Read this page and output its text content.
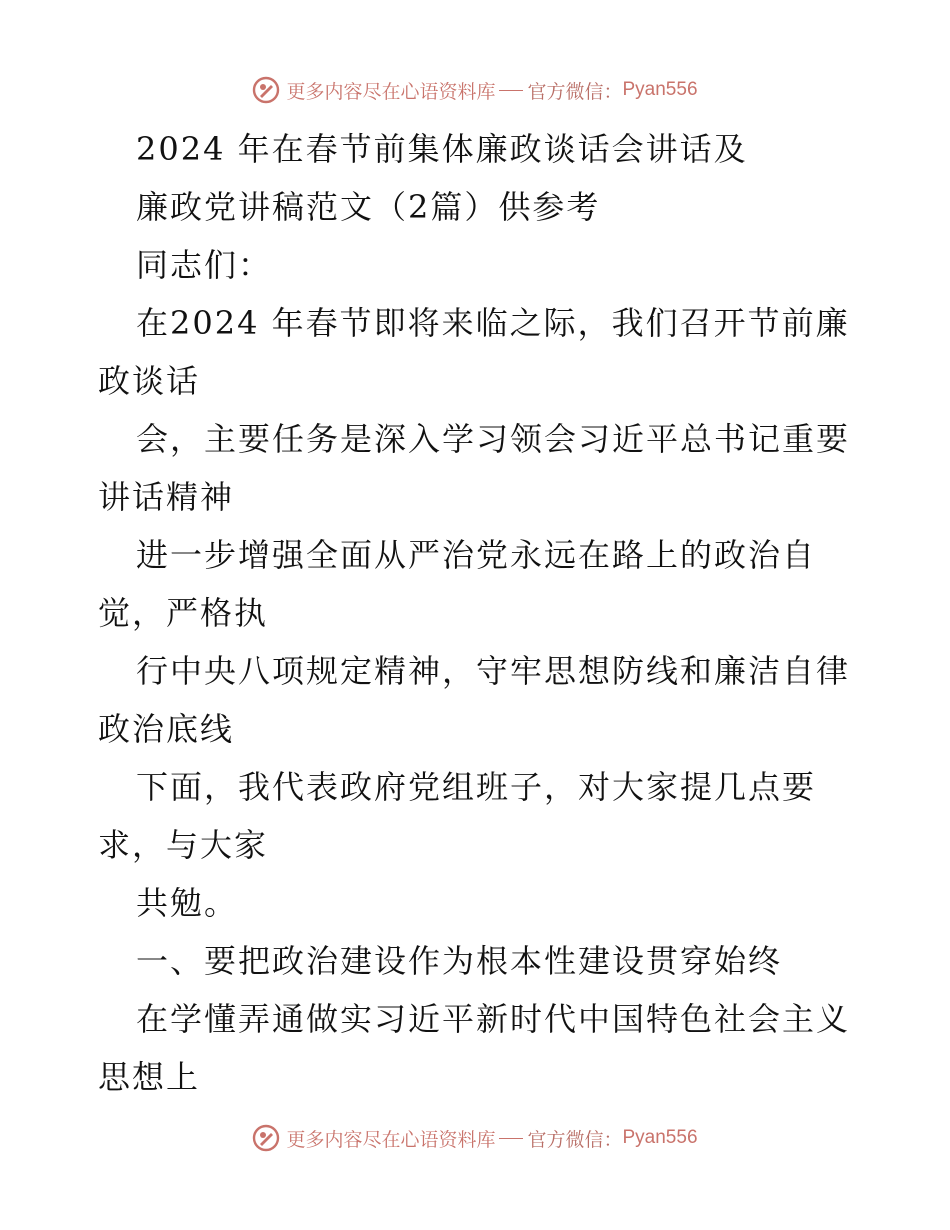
更多内容尽在心语资料库 官方微信： Pyan556
2024 年在春节前集体廉政谈话会讲话及
廉政党讲稿范文（2篇）供参考
同志们：
在2024 年春节即将来临之际，我们召开节前廉
政谈话
会，主要任务是深入学习领会习近平总书记重要
讲话精神
进一步增强全面从严治党永远在路上的政治自
觉，严格执
行中央八项规定精神，守牢思想防线和廉洁自律
政治底线
下面，我代表政府党组班子，对大家提几点要
求，与大家
共勉。
一、要把政治建设作为根本性建设贯穿始终
在学懂弄通做实习近平新时代中国特色社会主义
思想上
更多内容尽在心语资料库 官方微信： Pyan556
